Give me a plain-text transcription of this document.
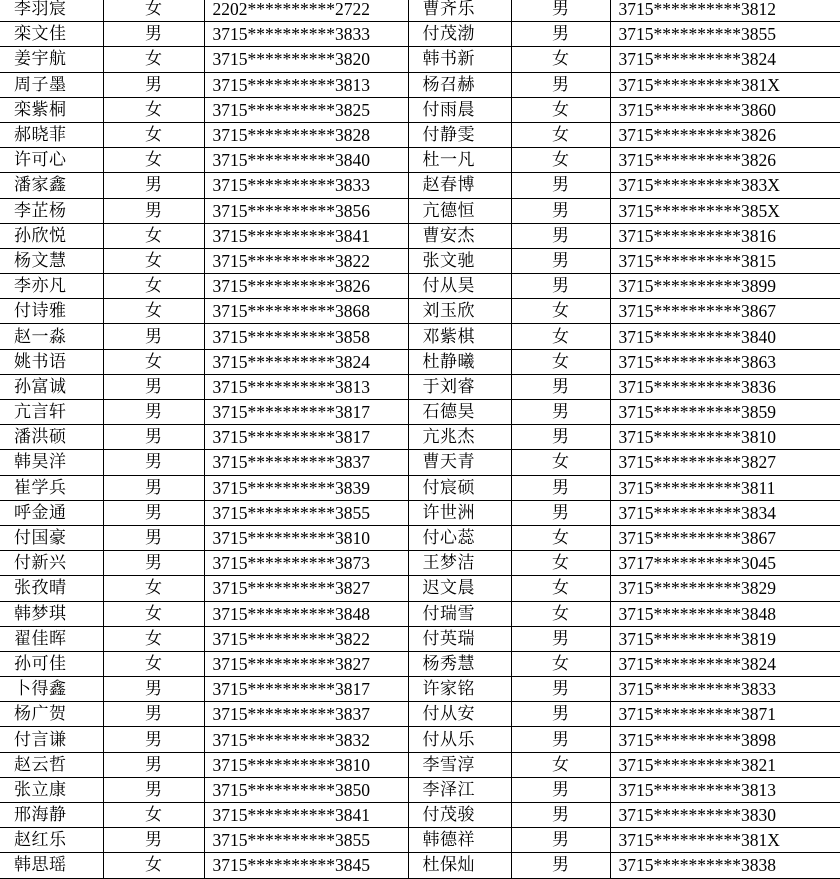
李羽宸	女	2202**********2722	曹齐乐	男	3715**********3812
栾文佳	男	3715**********3833	付茂渤	男	3715**********3855
姜宇航	女	3715**********3820	韩书新	女	3715**********3824
周子墨	男	3715**********3813	杨召赫	男	3715**********381X
栾紫桐	女	3715**********3825	付雨晨	女	3715**********3860
郝晓菲	女	3715**********3828	付静雯	女	3715**********3826
许可心	女	3715**********3840	杜一凡	女	3715**********3826
潘家鑫	男	3715**********3833	赵春博	男	3715**********383X
李芷杨	男	3715**********3856	亢德恒	男	3715**********385X
孙欣悦	女	3715**********3841	曹安杰	男	3715**********3816
杨文慧	女	3715**********3822	张文驰	男	3715**********3815
李亦凡	女	3715**********3826	付从昊	男	3715**********3899
付诗雅	女	3715**********3868	刘玉欣	女	3715**********3867
赵一淼	男	3715**********3858	邓紫棋	女	3715**********3840
姚书语	女	3715**********3824	杜静曦	女	3715**********3863
孙富诚	男	3715**********3813	于刘睿	男	3715**********3836
亢言轩	男	3715**********3817	石德昊	男	3715**********3859
潘洪硕	男	3715**********3817	亢兆杰	男	3715**********3810
韩昊洋	男	3715**********3837	曹天青	女	3715**********3827
崔学兵	男	3715**********3839	付宸硕	男	3715**********3811
呼金通	男	3715**********3855	许世洲	男	3715**********3834
付国豪	男	3715**********3810	付心蕊	女	3715**********3867
付新兴	男	3715**********3873	王梦洁	女	3717**********3045
张孜晴	女	3715**********3827	迟文晨	女	3715**********3829
韩梦琪	女	3715**********3848	付瑞雪	女	3715**********3848
翟佳晖	女	3715**********3822	付英瑞	男	3715**********3819
孙可佳	女	3715**********3827	杨秀慧	女	3715**********3824
卜得鑫	男	3715**********3817	许家铭	男	3715**********3833
杨广贺	男	3715**********3837	付从安	男	3715**********3871
付言谦	男	3715**********3832	付从乐	男	3715**********3898
赵云哲	男	3715**********3810	李雪淳	女	3715**********3821
张立康	男	3715**********3850	李泽江	男	3715**********3813
邢海静	女	3715**********3841	付茂骏	男	3715**********3830
赵红乐	男	3715**********3855	韩德祥	男	3715**********381X
韩思瑶	女	3715**********3845	杜保灿	男	3715**********3838
